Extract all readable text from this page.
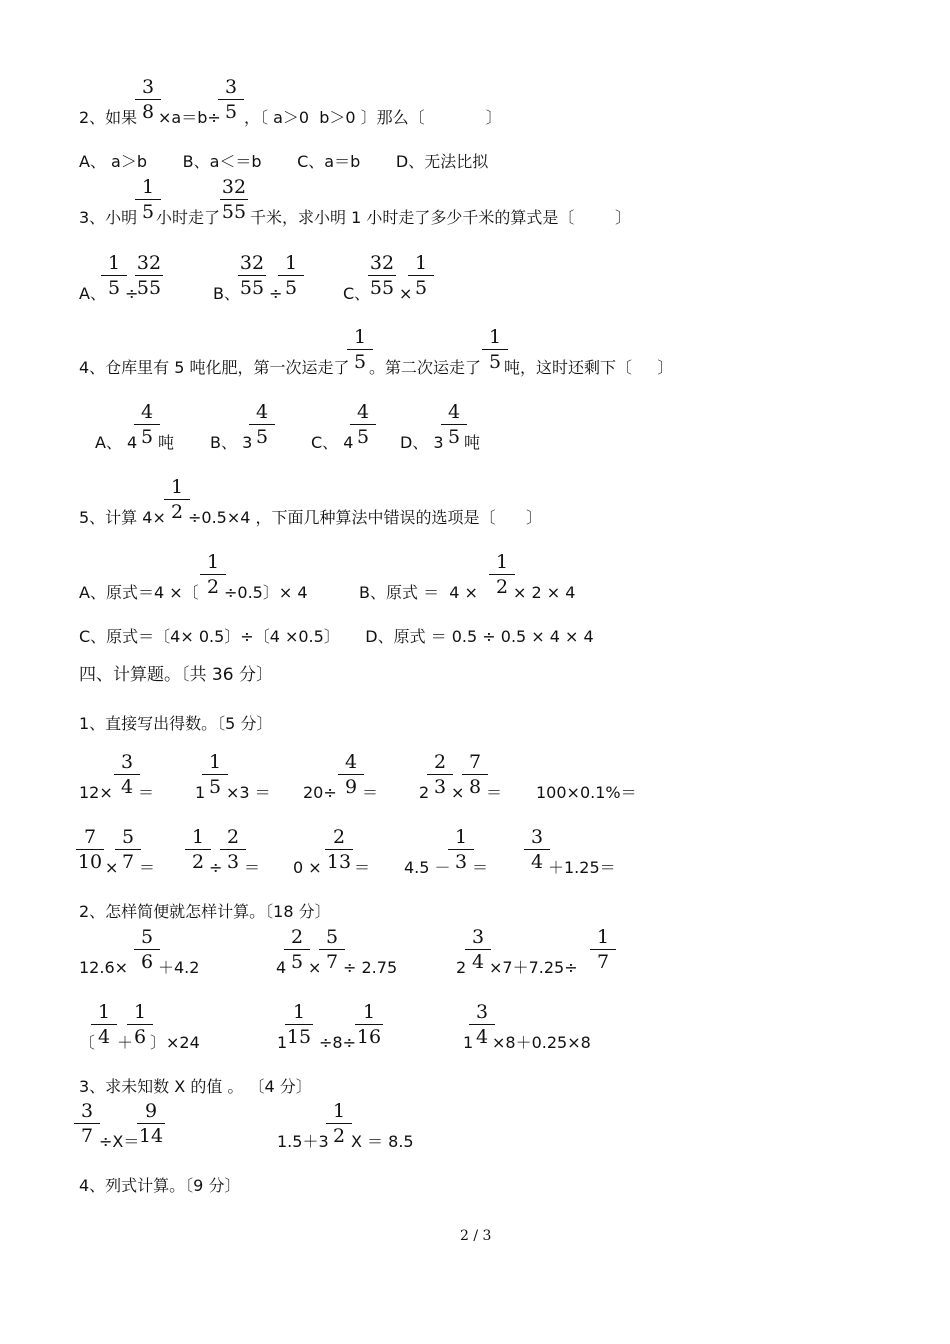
2、如果
3
8 ×a＝b÷
3
5 ，〔 a＞0  b＞0 〕那么〔            〕
A、 a＞b       B、a＜＝b       C、a＝b       D、无法比拟
3、小明
1
5 小时走了
32
55 千米，求小明 1 小时走了多少千米的算式是〔        〕
A、
1
5 ÷
32
55	B、
32
55 ÷
1
5	C、
32
55 ×
1
5
4、仓库里有 5 吨化肥，第一次运走了
1
5 。第二次运走了
1
5 吨，这时还剩下〔     〕
A、 4
4
5 吨 B、 3
4
5	C、 4
4
5	D、 3
4
5 吨
5、计算 4×
1
2 ÷0.5×4 ，下面几种算法中错误的选项是〔      〕
A、原式＝4 ×〔
1
2 ÷0.5〕× 4	B、原式 ＝  4 ×
1
2 × 2 × 4
C、原式＝〔4× 0.5〕÷〔4 ×0.5〕     D、原式 ＝ 0.5 ÷ 0.5 × 4 × 4
四、计算题。〔共 36 分〕
1、直接写出得数。〔5 分〕
12×
3
4 ＝	1
1
5 ×3 ＝ 20÷
4
9 ＝	2
2
3 ×
7
8 ＝ 100×0.1%＝
7
10 ×
5
7 ＝
1
2 ÷
2
3 ＝ 0 ×
2
13 ＝ 4.5 －
1
3 ＝
3
4 ＋1.25＝
2、怎样简便就怎样计算。〔18 分〕
12.6×
5
6 ＋4.2	4
2
5 ×
5
7 ÷ 2.75	2
3
4 ×7＋7.25÷
1
7
〔
1
4 ＋
1
6 〕×24	1
1
15 ÷8÷
1
16	1
3
4 ×8＋0.25×8
3、求未知数 X 的值 。 〔4 分〕
3
7 ÷X＝
9
14	1.5＋3
1
2 X ＝ 8.5
4、列式计算。〔9 分〕
2 / 3
